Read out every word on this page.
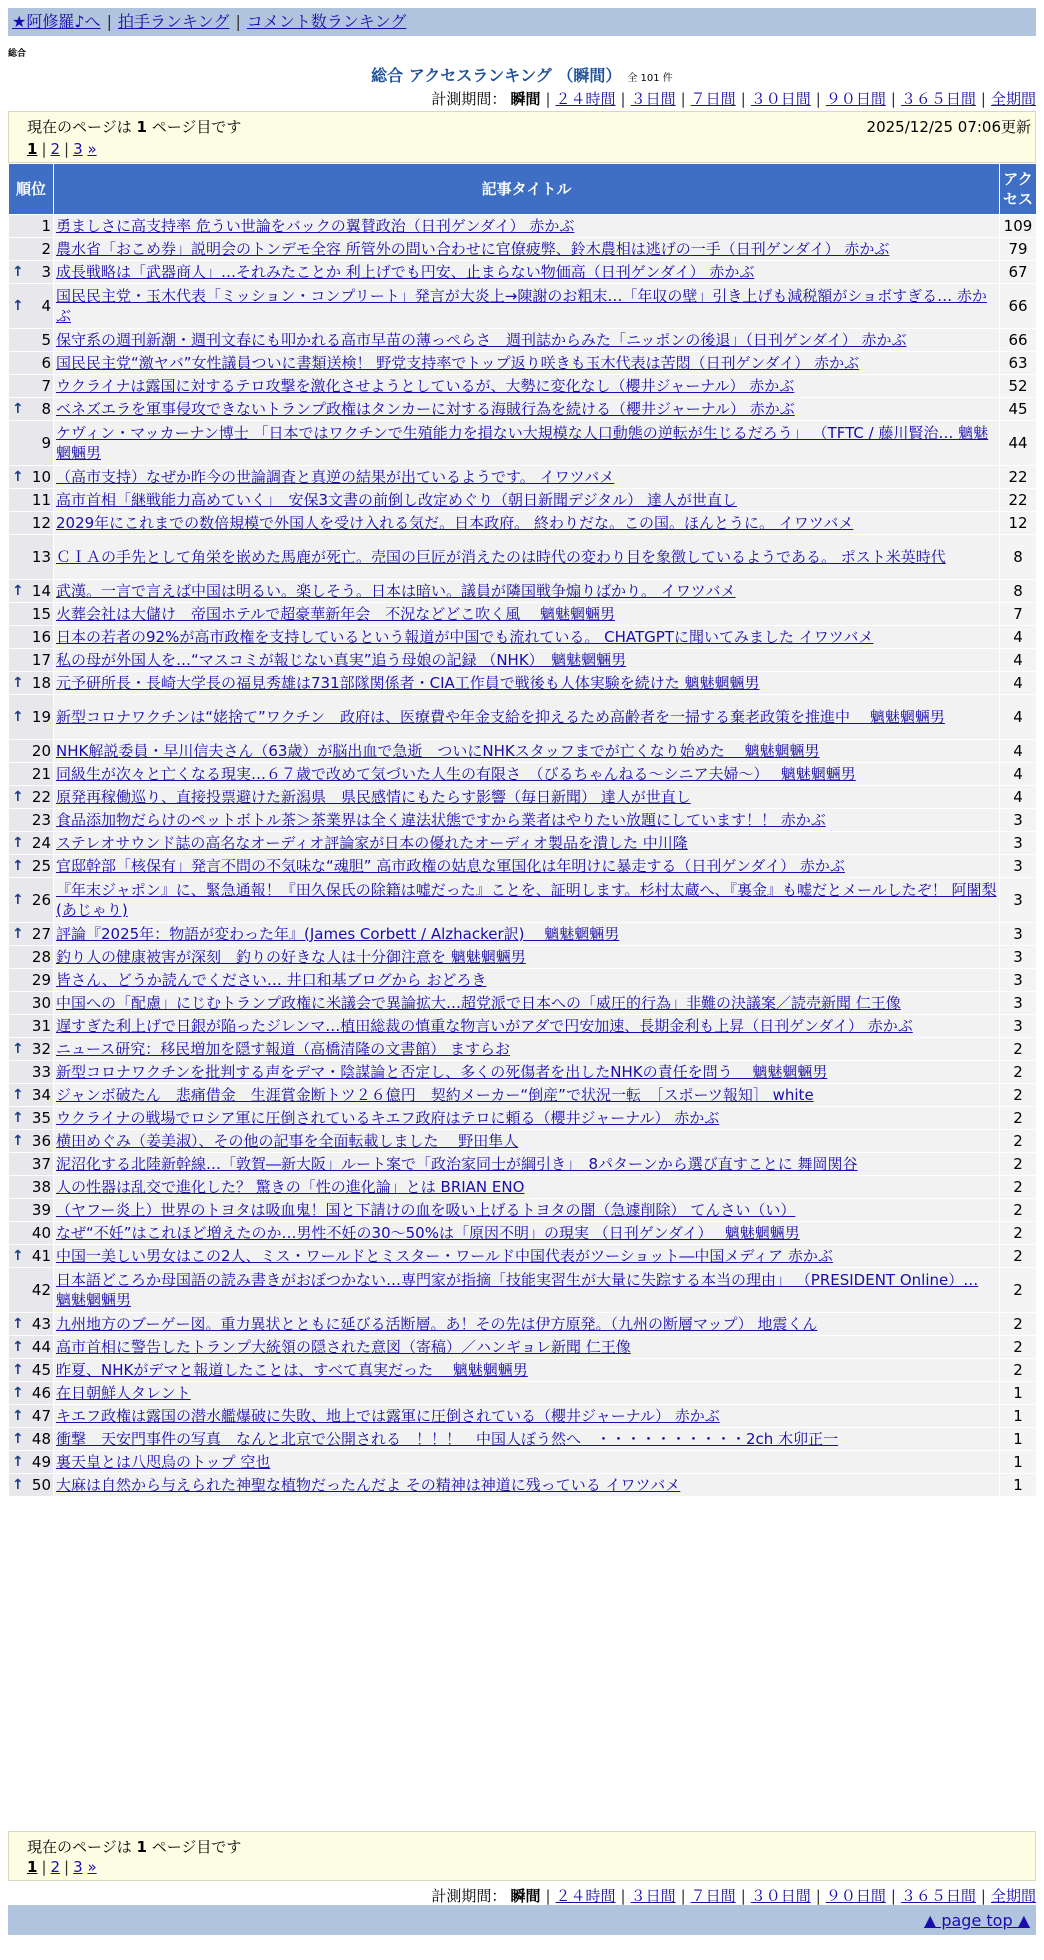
★阿修羅♪へ | 拍手ランキング | コメント数ランキング
総合
総合 アクセスランキング （瞬間） 全 101 件
計測期間： 瞬間 | ２４時間 | ３日間 | ７日間 | ３０日間 | ９０日間 | ３６５日間 | 全期間
現在のページは 1 ページ目です	2025/12/25 07:06更新
1 | 2 | 3 »
順位	記事タイトル	アクセス
1	勇ましさに高支持率 危うい世論をバックの翼賛政治（日刊ゲンダイ） 赤かぶ	109
2	農水省「おこめ券」説明会のトンデモ全容 所管外の問い合わせに官僚疲弊、鈴木農相は逃げの一手（日刊ゲンダイ） 赤かぶ	79

↑ 3	成長戦略は「武器商人」…それみたことか 利上げでも円安、止まらない物価高（日刊ゲンダイ） 赤かぶ	67

↑ 4	国民民主党・玉木代表「ミッション・コンプリート」発言が大炎上→陳謝のお粗末…「年収の壁」引き上げも減税額がショボすぎる… 赤かぶ	66
5	保守系の週刊新潮・週刊文春にも叩かれる高市早苗の薄っぺらさ　週刊誌からみた「ニッポンの後退」（日刊ゲンダイ） 赤かぶ	66
6	国民民主党“激ヤバ”女性議員ついに書類送検！ 野党支持率でトップ返り咲きも玉木代表は苦悶（日刊ゲンダイ） 赤かぶ	63
7	ウクライナは露国に対するテロ攻撃を激化させようとしているが、大勢に変化なし（櫻井ジャーナル） 赤かぶ	52

↑ 8	ベネズエラを軍事侵攻できないトランプ政権はタンカーに対する海賊行為を続ける（櫻井ジャーナル） 赤かぶ	45
9	ケヴィン・マッカーナン博士 「日本ではワクチンで生殖能力を損ない大規模な人口動態の逆転が生じるだろう」 （TFTC / 藤川賢治… 魑魅魍魎男	44

↑ 10	（高市支持）なぜか昨今の世論調査と真逆の結果が出ているようです。 イワツバメ	22
11	高市首相「継戦能力高めていく」　安保3文書の前倒し改定めぐり（朝日新聞デジタル） 達人が世直し	22
12	2029年にこれまでの数倍規模で外国人を受け入れる気だ。日本政府。 終わりだな。この国。ほんとうに。 イワツバメ	12
13	ＣＩＡの手先として角栄を嵌めた馬鹿が死亡。売国の巨匠が消えたのは時代の変わり目を象徴しているようである。 ポスト米英時代	8

↑ 14	武漢。一言で言えば中国は明るい。楽しそう。日本は暗い。議員が隣国戦争煽りばかり。 イワツバメ	8
15	火葬会社は大儲け　帝国ホテルで超豪華新年会　不況などどこ吹く風　 魑魅魍魎男	7
16	日本の若者の92%が高市政権を支持しているという報道が中国でも流れている。 CHATGPTに聞いてみました イワツバメ	4
17	私の母が外国人を…“マスコミが報じない真実”追う母娘の記録 （NHK）　魑魅魍魎男	4

↑ 18	元予研所長・長崎大学長の福見秀雄は731部隊関係者・CIA工作員で戦後も人体実験を続けた 魑魅魍魎男	4

↑ 19	新型コロナワクチンは“姥捨て”ワクチン　政府は、医療費や年金支給を抑えるため高齢者を一掃する棄老政策を推進中　 魑魅魍魎男	4
20	NHK解説委員・早川信夫さん（63歳）が脳出血で急逝　ついにNHKスタッフまでが亡くなり始めた　 魑魅魍魎男	4
21	同級生が次々と亡くなる現実…６７歳で改めて気づいた人生の有限さ　（びるちゃんねる～シニア夫婦～）　 魑魅魍魎男	4

↑ 22	原発再稼働巡り、直接投票避けた新潟県　県民感情にもたらす影響（毎日新聞） 達人が世直し	4
23	食品添加物だらけのペットボトル茶＞茶業界は全く違法状態ですから業者はやりたい放題にしています！！ 赤かぶ	3

↑ 24	ステレオサウンド誌の高名なオーディオ評論家が日本の優れたオーディオ製品を潰した 中川隆	3

↑ 25	官邸幹部「核保有」発言不問の不気味な“魂胆” 高市政権の姑息な軍国化は年明けに暴走する（日刊ゲンダイ） 赤かぶ	3

↑ 26	『年末ジャポン』に、緊急通報！『田久保氏の除籍は嘘だった』ことを、証明します。杉村太蔵へ、『裏金』も嘘だとメールしたぞ！ 阿闍梨(あじゃり)	3

↑ 27	評論『2025年：物語が変わった年』(James Corbett / Alzhacker訳)　 魑魅魍魎男	3
28	釣り人の健康被害が深刻　釣りの好きな人は十分御注意を 魑魅魍魎男	3
29	皆さん、どうか読んでください… 井口和基ブログから おどろき	3
30	中国への「配慮」にじむトランプ政権に米議会で異論拡大…超党派で日本への「威圧的行為」非難の決議案／読売新聞 仁王像	3
31	遅すぎた利上げで日銀が陥ったジレンマ…植田総裁の慎重な物言いがアダで円安加速、長期金利も上昇（日刊ゲンダイ） 赤かぶ	3

↑ 32	ニュース研究：移民増加を隠す報道（高橋清隆の文書館） ますらお	2
33	新型コロナワクチンを批判する声をデマ・陰謀論と否定し、多くの死傷者を出したNHKの責任を問う　 魑魅魍魎男	2

↑ 34	ジャンボ破たん　悲痛借金　生涯賞金断トツ２６億円　契約メーカー“倒産”で状況一転　［スポーツ報知］ white	2

↑ 35	ウクライナの戦場でロシア軍に圧倒されているキエフ政府はテロに頼る（櫻井ジャーナル） 赤かぶ	2

↑ 36	横田めぐみ（姜美淑）、その他の記事を全面転載しました　 野田隼人	2
37	泥沼化する北陸新幹線…「敦賀―新大阪」ルート案で「政治家同士が綱引き」　8パターンから選び直すことに 舞岡関谷	2
38	人の性器は乱交で進化した？ 驚きの「性の進化論」とは BRIAN ENO	2
39	（ヤフー炎上）世界のトヨタは吸血鬼！国と下請けの血を吸い上げるトヨタの闇（急遽削除） てんさい（い）	2
40	なぜ“不妊”はこれほど増えたのか…男性不妊の30～50%は「原因不明」の現実 （日刊ゲンダイ）　 魑魅魍魎男	2

↑ 41	中国一美しい男女はこの2人、ミス・ワールドとミスター・ワールド中国代表がツーショット―中国メディア 赤かぶ	2
42	日本語どころか母国語の読み書きがおぼつかない…専門家が指摘「技能実習生が大量に失踪する本当の理由」 （PRESIDENT Online）… 魑魅魍魎男	2

↑ 43	九州地方のブーゲー図。重力異状とともに延びる活断層。あ！その先は伊方原発。（九州の断層マップ） 地震くん	2

↑ 44	高市首相に警告したトランプ大統領の隠された意図（寄稿）／ハンギョレ新聞 仁王像	2

↑ 45	昨夏、NHKがデマと報道したことは、すべて真実だった　 魑魅魍魎男	2

↑ 46	在日朝鮮人タレント	1

↑ 47	キエフ政権は露国の潜水艦爆破に失敗、地上では露軍に圧倒されている（櫻井ジャーナル） 赤かぶ	1

↑ 48	衝撃　天安門事件の写真　なんと北京で公開される　！！！　中国人ぼう然へ　・・・・・・・・・・2ch 木卯正一	1

↑ 49	裏天皇とは八咫烏のトップ 空也	1

↑ 50	大麻は自然から与えられた神聖な植物だったんだよ その精神は神道に残っている イワツバメ	1
現在のページは 1 ページ目です
1 | 2 | 3 »
計測期間： 瞬間 | ２４時間 | ３日間 | ７日間 | ３０日間 | ９０日間 | ３６５日間 | 全期間
▲ page top ▲
